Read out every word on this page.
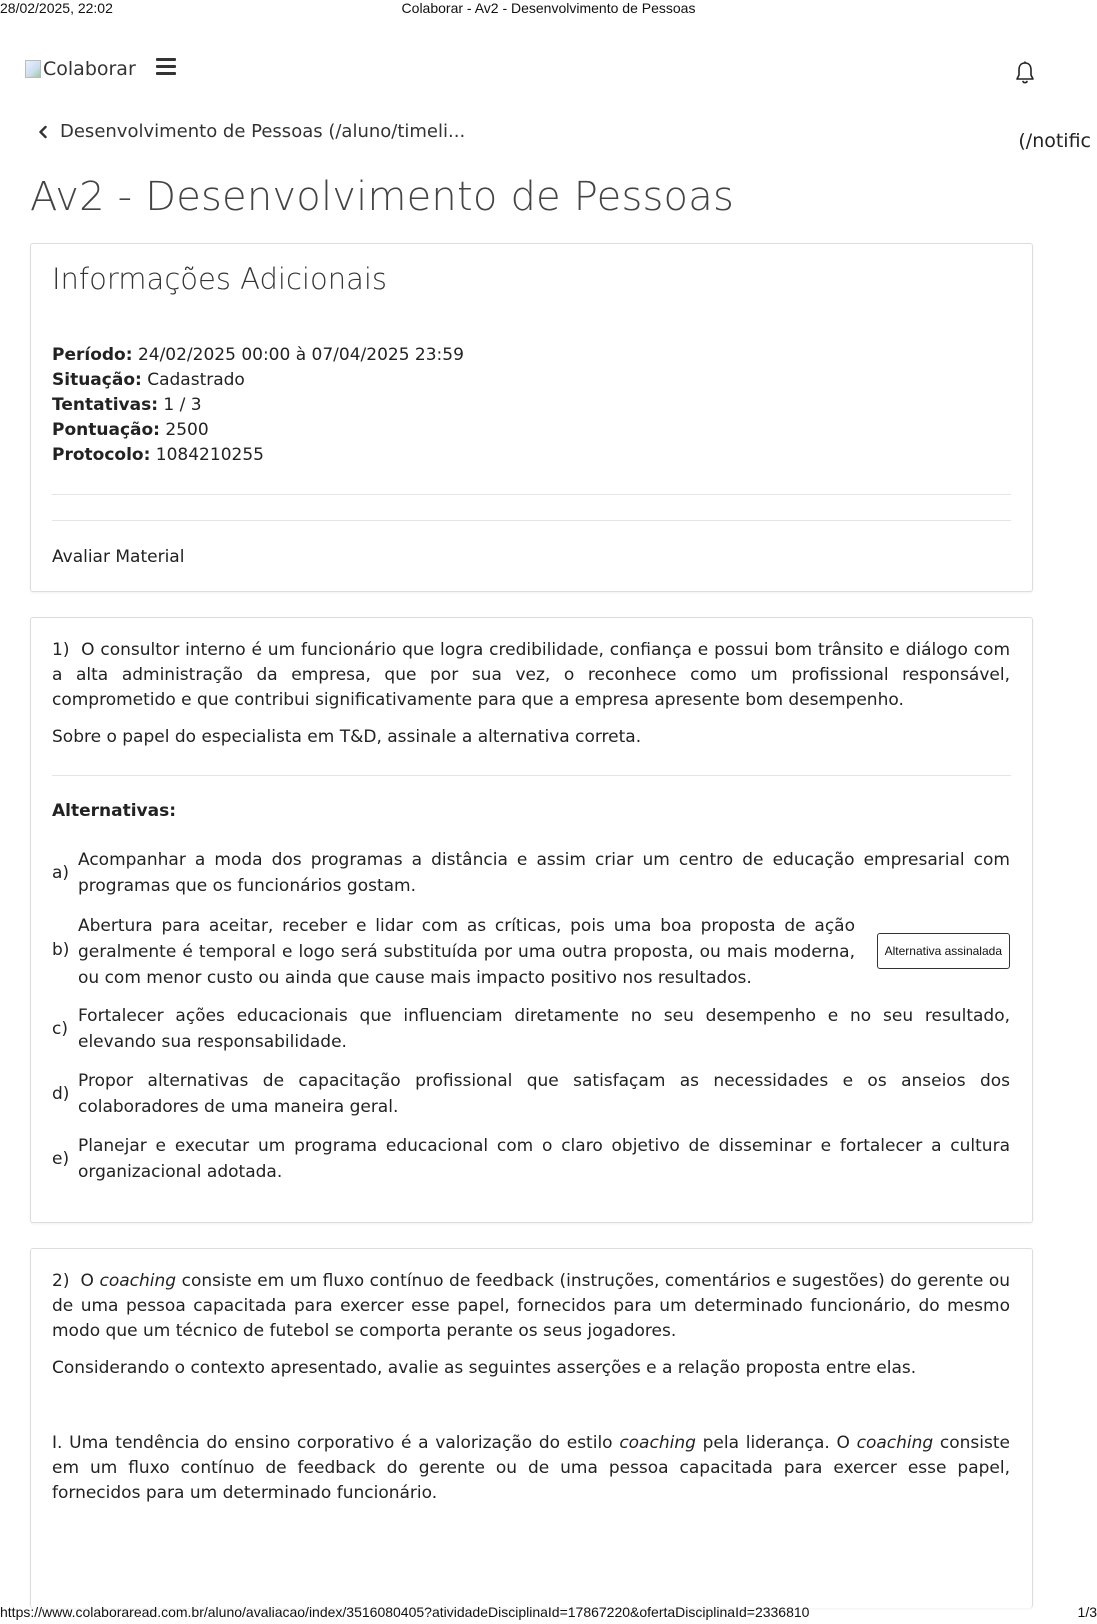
28/02/2025, 22:02	Colaborar - Av2 - Desenvolvimento de Pessoas
Colaborar
Desenvolvimento de Pessoas (/aluno/timeli...	(/notific
Av2 - Desenvolvimento de Pessoas
Informações Adicionais
Período: 24/02/2025 00:00 à 07/04/2025 23:59
Situação: Cadastrado
Tentativas: 1 / 3
Pontuação: 2500
Protocolo: 1084210255
Avaliar Material

1) O consultor interno é um funcionário que logra credibilidade, confiança e possui bom trânsito e diálogo com a alta administração da empresa, que por sua vez, o reconhece como um profissional responsável, comprometido e que contribui significativamente para que a empresa apresente bom desempenho.

Sobre o papel do especialista em T&D, assinale a alternativa correta.

Alternativas:
a)
Acompanhar a moda dos programas a distância e assim criar um centro de educação empresarial com programas que os funcionários gostam.
b)
Abertura para aceitar, receber e lidar com as críticas, pois uma boa proposta de ação geralmente é temporal e logo será substituída por uma outra proposta, ou mais moderna, ou com menor custo ou ainda que cause mais impacto positivo nos resultados.
Alternativa assinalada
c)
Fortalecer ações educacionais que influenciam diretamente no seu desempenho e no seu resultado, elevando sua responsabilidade.
d)
Propor alternativas de capacitação profissional que satisfaçam as necessidades e os anseios dos colaboradores de uma maneira geral.
e)
Planejar e executar um programa educacional com o claro objetivo de disseminar e fortalecer a cultura organizacional adotada.

2) O coaching consiste em um fluxo contínuo de feedback (instruções, comentários e sugestões) do gerente ou de uma pessoa capacitada para exercer esse papel, fornecidos para um determinado funcionário, do mesmo modo que um técnico de futebol se comporta perante os seus jogadores.

Considerando o contexto apresentado, avalie as seguintes asserções e a relação proposta entre elas.

I. Uma tendência do ensino corporativo é a valorização do estilo coaching pela liderança. O coaching consiste em um fluxo contínuo de feedback do gerente ou de uma pessoa capacitada para exercer esse papel, fornecidos para um determinado funcionário.

https://www.colaboraread.com.br/aluno/avaliacao/index/3516080405?atividadeDisciplinaId=17867220&ofertaDisciplinaId=2336810	1/3
